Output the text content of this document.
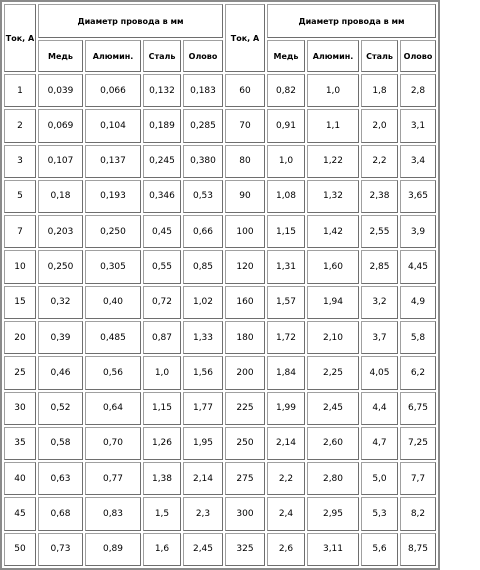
Ток, А	Диаметр провода в мм				Ток, А	Диаметр провода в мм			
	Медь	Алюмин.	Сталь	Олово		Медь	Алюмин.	Сталь	Олово
1	0,039	0,066	0,132	0,183	60	0,82	1,0	1,8	2,8
2	0,069	0,104	0,189	0,285	70	0,91	1,1	2,0	3,1
3	0,107	0,137	0,245	0,380	80	1,0	1,22	2,2	3,4
5	0,18	0,193	0,346	0,53	90	1,08	1,32	2,38	3,65
7	0,203	0,250	0,45	0,66	100	1,15	1,42	2,55	3,9
10	0,250	0,305	0,55	0,85	120	1,31	1,60	2,85	4,45
15	0,32	0,40	0,72	1,02	160	1,57	1,94	3,2	4,9
20	0,39	0,485	0,87	1,33	180	1,72	2,10	3,7	5,8
25	0,46	0,56	1,0	1,56	200	1,84	2,25	4,05	6,2
30	0,52	0,64	1,15	1,77	225	1,99	2,45	4,4	6,75
35	0,58	0,70	1,26	1,95	250	2,14	2,60	4,7	7,25
40	0,63	0,77	1,38	2,14	275	2,2	2,80	5,0	7,7
45	0,68	0,83	1,5	2,3	300	2,4	2,95	5,3	8,2
50	0,73	0,89	1,6	2,45	325	2,6	3,11	5,6	8,75
